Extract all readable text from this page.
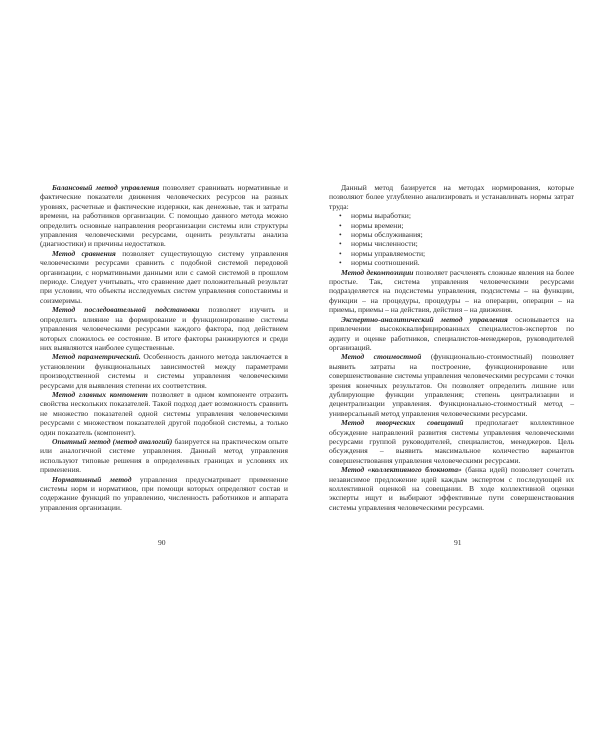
Балансовый метод управления позволяет сравнивать нормативные и фактические показатели движения человеческих ресурсов на разных уровнях, расчетные и фактические издержки, как денежные, так и затраты времени, на работников организации. С помощью данного метода можно определить основные направления реорганизации системы или структуры управления человеческими ресурсами, оценить результаты анализа (диагностики) и причины недостатков.

Метод сравнения позволяет существующую систему управления человеческими ресурсами сравнить с подобной системой передовой организации, с нормативными данными или с самой системой в прошлом периоде. Следует учитывать, что сравнение дает положительный результат при условии, что объекты исследуемых систем управления сопоставимы и соизмеримы.

Метод последовательной подстановки позволяет изучить и определить влияние на формирование и функционирование системы управления человеческими ресурсами каждого фактора, под действием которых сложилось ее состояние. В итоге факторы ранжируются и среди них выявляются наиболее существенные.

Метод параметрический. Особенность данного метода заключается в установлении функциональных зависимостей между параметрами производственной системы и системы управления человеческими ресурсами для выявления степени их соответствия.

Метод главных компонент позволяет в одном компоненте отразить свойства нескольких показателей. Такой подход дает возможность сравнить не множество показателей одной системы управления человеческими ресурсами с множеством показателей другой подобной системы, а только один показатель (компонент).

Опытный метод (метод аналогий) базируется на практическом опыте или аналогичной системе управления. Данный метод управления используют типовые решения в определенных границах и условиях их применения.

Нормативный метод управления предусматривает применение системы норм и нормативов, при помощи которых определяют состав и содержание функций по управлению, численность работников и аппарата управления организации.

90

Данный метод базируется на методах нормирования, которые позволяют более углубленно анализировать и устанавливать нормы затрат труда:

• нормы выработки;
• нормы времени;
• нормы обслуживания;
• нормы численности;
• нормы управляемости;
• нормы соотношений.

Метод декомпозиции позволяет расчленять сложные явления на более простые. Так, система управления человеческими ресурсами подразделяется на подсистемы управления, подсистемы – на функции, функции – на процедуры, процедуры – на операции, операции – на приемы, приемы – на действия, действия – на движения.

Экспертно-аналитический метод управления основывается на привлечении высококвалифицированных специалистов-экспертов по аудиту и оценке работников, специалистов-менеджеров, руководителей организаций.

Метод стоимостной (функционально-стоимостный) позволяет выявить затраты на построение, функционирование или совершенствование системы управления человеческими ресурсами с точки зрения конечных результатов. Он позволяет определить лишние или дублирующие функции управления; степень централизации и децентрализации управления. Функционально-стоимостный метод – универсальный метод управления человеческими ресурсами.

Метод творческих совещаний предполагает коллективное обсуждение направлений развития системы управления человеческими ресурсами группой руководителей, специалистов, менеджеров. Цель обсуждения – выявить максимальное количество вариантов совершенствования управления человеческими ресурсами.

Метод «коллективного блокнота» (банка идей) позволяет сочетать независимое предложение идей каждым экспертом с последующей их коллективной оценкой на совещании. В ходе коллективной оценки эксперты ищут и выбирают эффективные пути совершенствования системы управления человеческими ресурсами.

91
